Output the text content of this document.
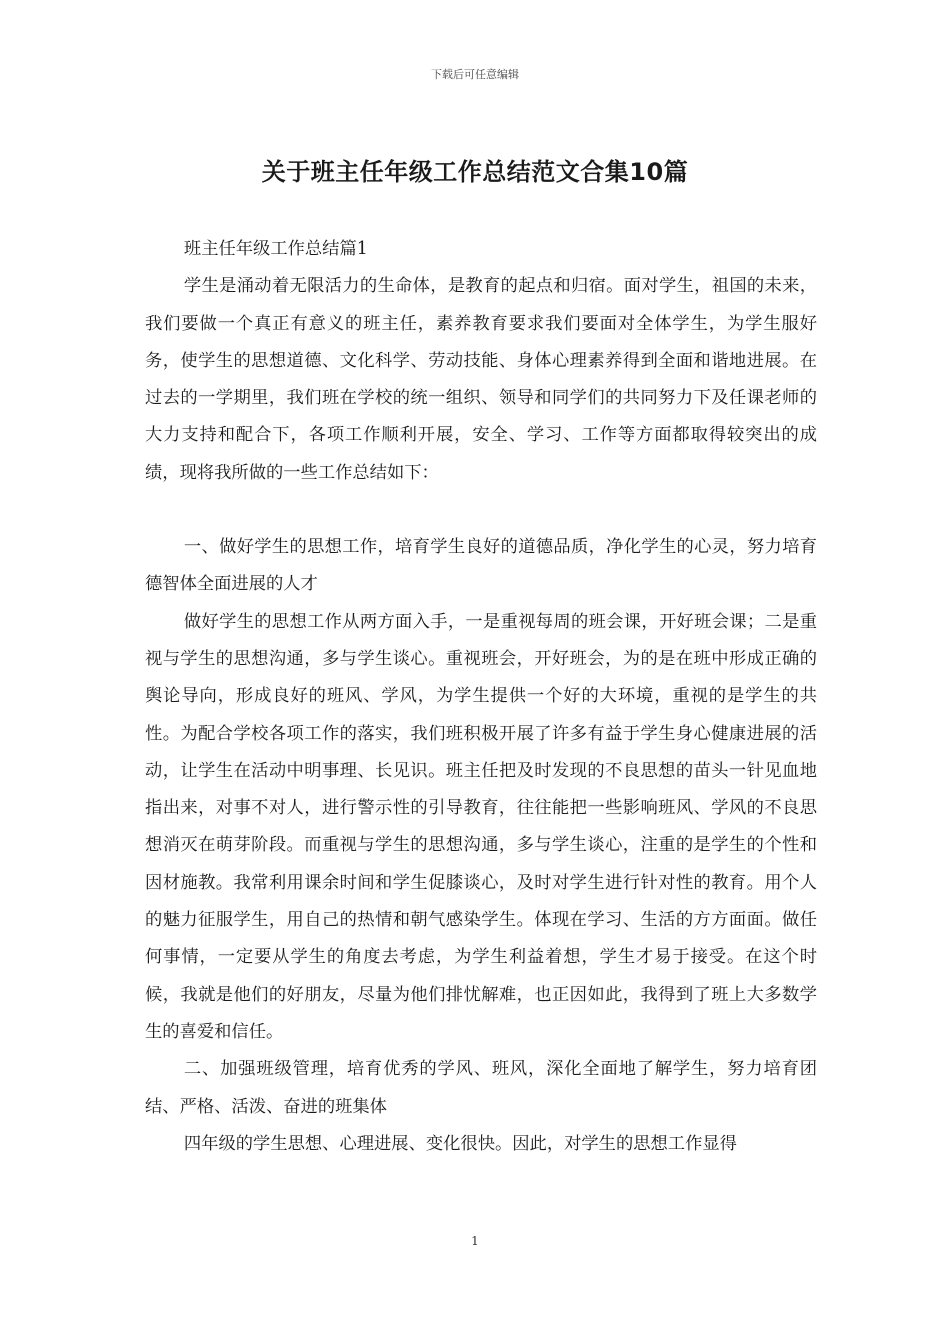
下载后可任意编辑
关于班主任年级工作总结范文合集10篇

班主任年级工作总结篇1

学生是涌动着无限活力的生命体，是教育的起点和归宿。面对学生，祖国的未来，我们要做一个真正有意义的班主任，素养教育要求我们要面对全体学生，为学生服好务，使学生的思想道德、文化科学、劳动技能、身体心理素养得到全面和谐地进展。在过去的一学期里，我们班在学校的统一组织、领导和同学们的共同努力下及任课老师的大力支持和配合下，各项工作顺利开展，安全、学习、工作等方面都取得较突出的成绩，现将我所做的一些工作总结如下：

一、做好学生的思想工作，培育学生良好的道德品质，净化学生的心灵，努力培育德智体全面进展的人才

做好学生的思想工作从两方面入手，一是重视每周的班会课，开好班会课；二是重视与学生的思想沟通，多与学生谈心。重视班会，开好班会，为的是在班中形成正确的舆论导向，形成良好的班风、学风，为学生提供一个好的大环境，重视的是学生的共性。为配合学校各项工作的落实，我们班积极开展了许多有益于学生身心健康进展的活动，让学生在活动中明事理、长见识。班主任把及时发现的不良思想的苗头一针见血地指出来，对事不对人，进行警示性的引导教育，往往能把一些影响班风、学风的不良思想消灭在萌芽阶段。而重视与学生的思想沟通，多与学生谈心，注重的是学生的个性和因材施教。我常利用课余时间和学生促膝谈心，及时对学生进行针对性的教育。用个人的魅力征服学生，用自己的热情和朝气感染学生。体现在学习、生活的方方面面。做任何事情，一定要从学生的角度去考虑，为学生利益着想，学生才易于接受。在这个时候，我就是他们的好朋友，尽量为他们排忧解难，也正因如此，我得到了班上大多数学生的喜爱和信任。

二、加强班级管理，培育优秀的学风、班风，深化全面地了解学生，努力培育团结、严格、活泼、奋进的班集体

四年级的学生思想、心理进展、变化很快。因此，对学生的思想工作显得

1
